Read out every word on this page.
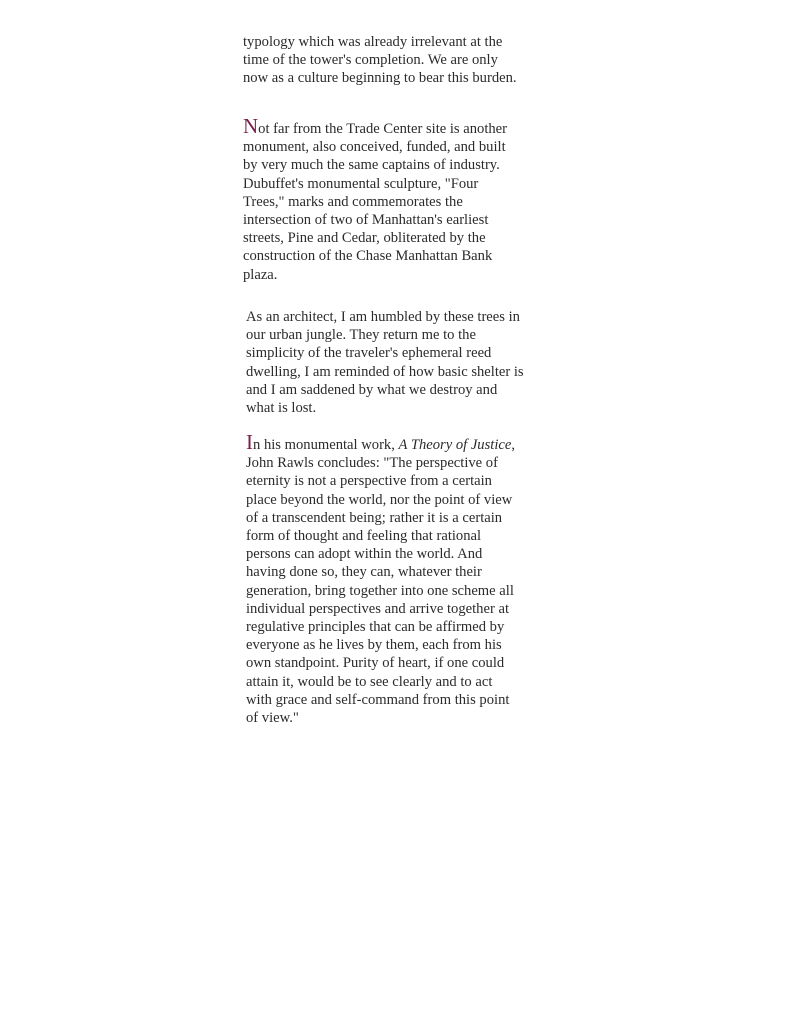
typology which was already irrelevant at the
time of the tower's completion. We are only
now as a culture beginning to bear this burden.

Not far from the Trade Center site is another
monument, also conceived, funded, and built
by very much the same captains of industry.
Dubuffet's monumental sculpture, "Four
Trees," marks and commemorates the
intersection of two of Manhattan's earliest
streets, Pine and Cedar, obliterated by the
construction of the Chase Manhattan Bank
plaza.

As an architect, I am humbled by these trees in
our urban jungle. They return me to the
simplicity of the traveler's ephemeral reed
dwelling, I am reminded of how basic shelter is
and I am saddened by what we destroy and
what is lost.

In his monumental work, A Theory of Justice,
John Rawls concludes: "The perspective of
eternity is not a perspective from a certain
place beyond the world, nor the point of view
of a transcendent being; rather it is a certain
form of thought and feeling that rational
persons can adopt within the world. And
having done so, they can, whatever their
generation, bring together into one scheme all
individual perspectives and arrive together at
regulative principles that can be affirmed by
everyone as he lives by them, each from his
own standpoint. Purity of heart, if one could
attain it, would be to see clearly and to act
with grace and self-command from this point
of view."
